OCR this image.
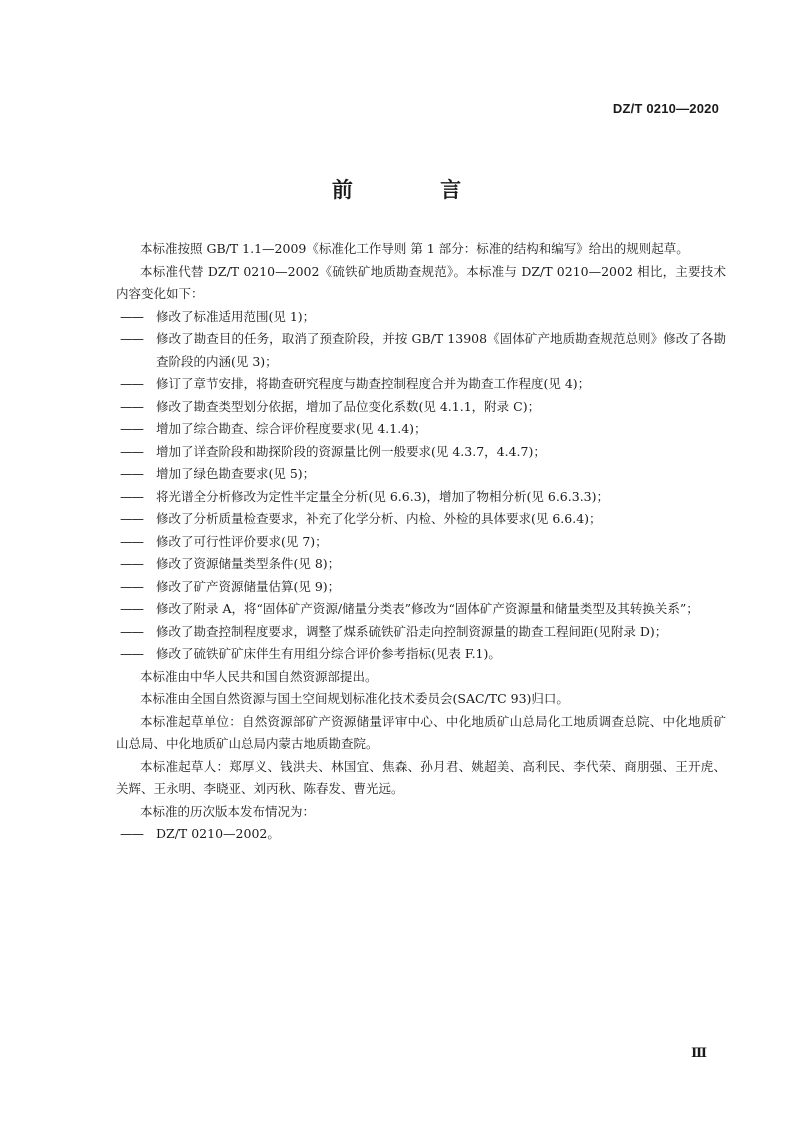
DZ/T 0210—2020
前 言
本标准按照 GB/T 1.1—2009《标准化工作导则 第 1 部分：标准的结构和编写》给出的规则起草。
本标准代替 DZ/T 0210—2002《硫铁矿地质勘查规范》。本标准与 DZ/T 0210—2002 相比，主要技术内容变化如下：
—— 修改了标准适用范围(见 1)；
—— 修改了勘查目的任务，取消了预查阶段，并按 GB/T 13908《固体矿产地质勘查规范总则》修改了各勘查阶段的内涵(见 3)；
—— 修订了章节安排，将勘查研究程度与勘查控制程度合并为勘查工作程度(见 4)；
—— 修改了勘查类型划分依据，增加了品位变化系数(见 4.1.1，附录 C)；
—— 增加了综合勘查、综合评价程度要求(见 4.1.4)；
—— 增加了详查阶段和勘探阶段的资源量比例一般要求(见 4.3.7，4.4.7)；
—— 增加了绿色勘查要求(见 5)；
—— 将光谱全分析修改为定性半定量全分析(见 6.6.3)，增加了物相分析(见 6.6.3.3)；
—— 修改了分析质量检查要求，补充了化学分析、内检、外检的具体要求(见 6.6.4)；
—— 修改了可行性评价要求(见 7)；
—— 修改了资源储量类型条件(见 8)；
—— 修改了矿产资源储量估算(见 9)；
—— 修改了附录 A，将“固体矿产资源/储量分类表”修改为“固体矿产资源量和储量类型及其转换关系”；
—— 修改了勘查控制程度要求，调整了煤系硫铁矿沿走向控制资源量的勘查工程间距(见附录 D)；
—— 修改了硫铁矿矿床伴生有用组分综合评价参考指标(见表 F.1)。
本标准由中华人民共和国自然资源部提出。
本标准由全国自然资源与国土空间规划标准化技术委员会(SAC/TC 93)归口。
本标准起草单位：自然资源部矿产资源储量评审中心、中化地质矿山总局化工地质调查总院、中化地质矿山总局、中化地质矿山总局内蒙古地质勘查院。
本标准起草人：郑厚义、钱洪夫、林国宜、焦森、孙月君、姚超美、高利民、李代荣、商朋强、王开虎、关辉、王永明、李晓亚、刘丙秋、陈春发、曹光远。
本标准的历次版本发布情况为：
—— DZ/T 0210—2002。
Ⅲ
